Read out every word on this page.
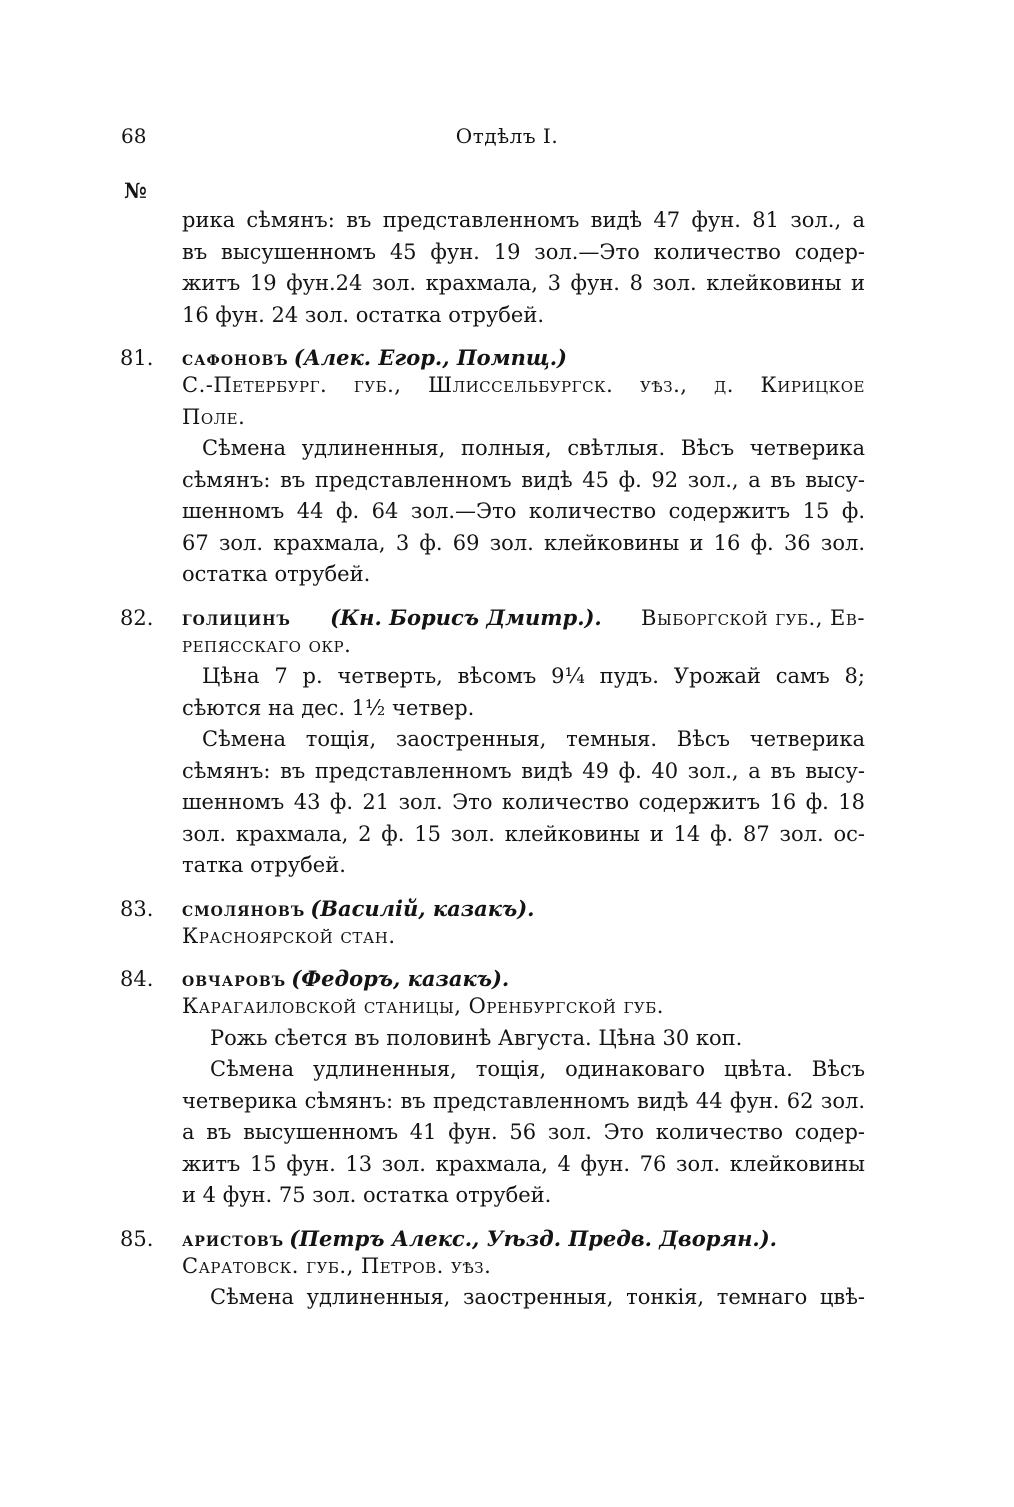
68	Отдѣлъ I.
№
рика сѣмянъ: въ представленномъ видѣ 47 фун. 81 зол., а
въ высушенномъ 45 фун. 19 зол.—Это количество содер-
житъ 19 фун.24 зол. крахмала, 3 фун. 8 зол. клейковины и
16 фун. 24 зол. остатка отрубей.
81.	сафоновъ
(Алек. Егор., Помпщ.)
С.-Петербург. губ., Шлиссельбургск. уѣз., д. Кирицкое
Поле.
Сѣмена удлиненныя, полныя, свѣтлыя. Вѣсъ четверика
сѣмянъ: въ представленномъ видѣ 45 ф. 92 зол., а въ высу-
шенномъ 44 ф. 64 зол.—Это количество содержитъ 15 ф.
67 зол. крахмала, 3 ф. 69 зол. клейковины и 16 ф. 36 зол.
остатка отрубей.
82.	голицинъ (Кн. Борисъ Дмитр.). Выборгской губ., Ев-
репясскаго окр.
Цѣна 7 р. четверть, вѣсомъ 9¼ пудъ. Урожай самъ 8;
сѣются на дес. 1½ четвер.
Сѣмена тощія, заостренныя, темныя. Вѣсъ четверика
сѣмянъ: въ представленномъ видѣ 49 ф. 40 зол., а въ высу-
шенномъ 43 ф. 21 зол. Это количество содержитъ 16 ф. 18
зол. крахмала, 2 ф. 15 зол. клейковины и 14 ф. 87 зол. ос-
татка отрубей.
83.	смоляновъ
(Василій, казакъ).
Красноярской стан.
84.	овчаровъ
(Федоръ, казакъ).
Карагаиловской станицы, Оренбургской губ.
Рожь сѣется въ половинѣ Августа. Цѣна 30 коп.
Сѣмена удлиненныя, тощія, одинаковаго цвѣта. Вѣсъ
четверика сѣмянъ: въ представленномъ видѣ 44 фун. 62 зол.
а въ высушенномъ 41 фун. 56 зол. Это количество содер-
житъ 15 фун. 13 зол. крахмала, 4 фун. 76 зол. клейковины
и 4 фун. 75 зол. остатка отрубей.
85.	аристовъ
(Петръ Алекс., Уѣзд. Предв. Дворян.).
Саратовск. губ., Петров. уѣз.
Сѣмена удлиненныя, заостренныя, тонкія, темнаго цвѣ-
